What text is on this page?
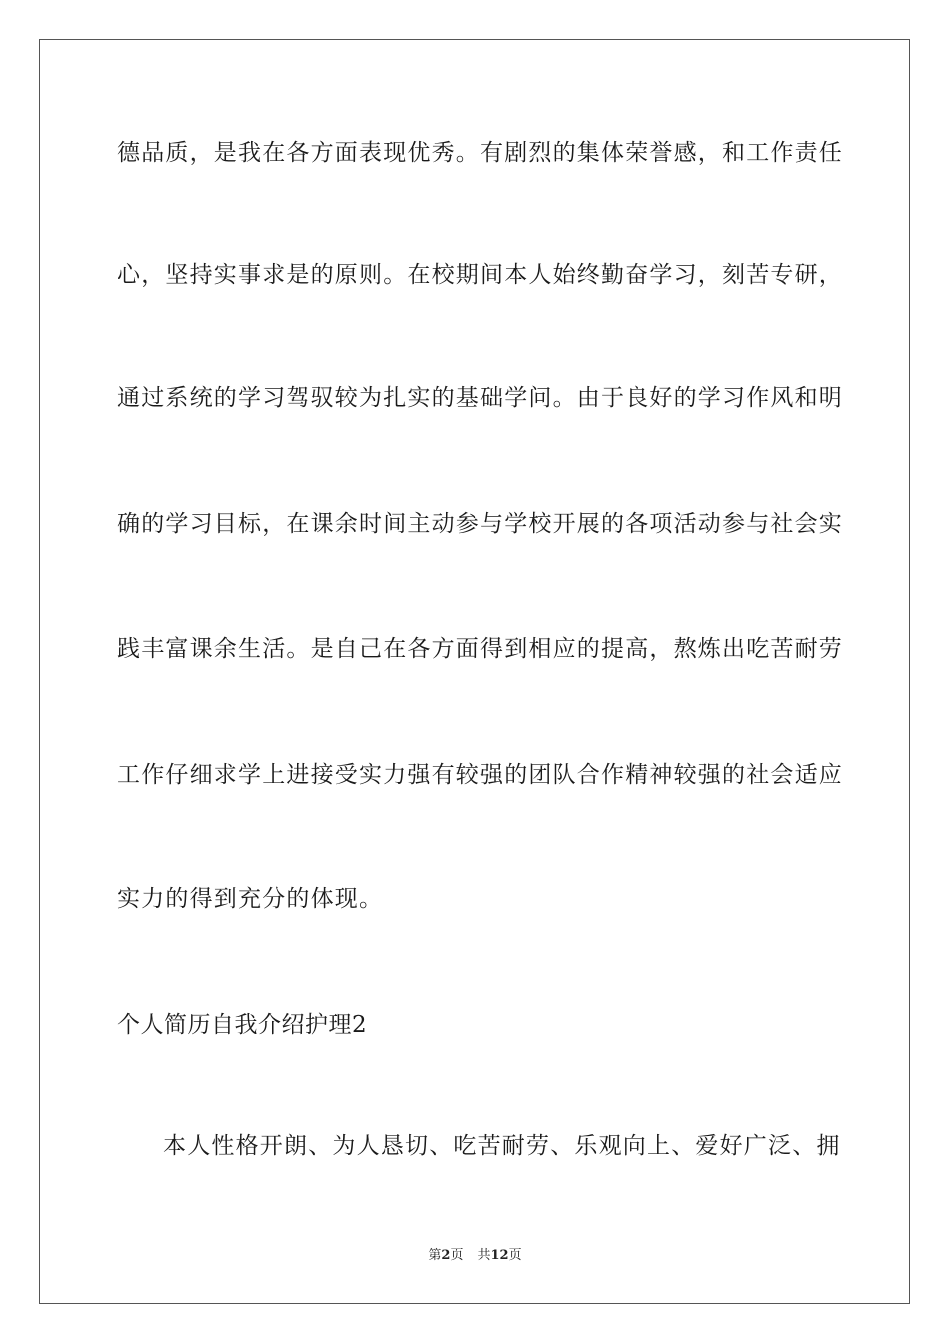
德品质，是我在各方面表现优秀。有剧烈的集体荣誉感，和工作责任
心，坚持实事求是的原则。在校期间本人始终勤奋学习，刻苦专研，
通过系统的学习驾驭较为扎实的基础学问。由于良好的学习作风和明
确的学习目标，在课余时间主动参与学校开展的各项活动参与社会实
践丰富课余生活。是自己在各方面得到相应的提高，熬炼出吃苦耐劳
工作仔细求学上进接受实力强有较强的团队合作精神较强的社会适应
实力的得到充分的体现。
个人简历自我介绍护理2
本人性格开朗、为人恳切、吃苦耐劳、乐观向上、爱好广泛、拥
第2页 共12页
